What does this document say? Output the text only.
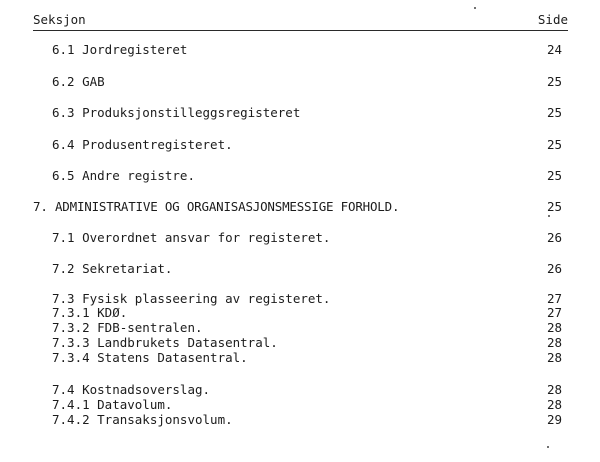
Seksjon	Side
6.1 Jordregisteret	24
6.2 GAB	25
6.3 Produksjonstilleggsregisteret	25
6.4 Produsentregisteret.	25
6.5 Andre registre.	25
7. ADMINISTRATIVE OG ORGANISASJONSMESSIGE FORHOLD.	25
7.1 Overordnet ansvar for registeret.	26
7.2 Sekretariat.	26
7.3 Fysisk plasseering av registeret.	27
7.3.1 KDØ.	27
7.3.2 FDB-sentralen.	28
7.3.3 Landbrukets Datasentral.	28
7.3.4 Statens Datasentral.	28
7.4 Kostnadsoverslag.	28
7.4.1 Datavolum.	28
7.4.2 Transaksjonsvolum.	29
